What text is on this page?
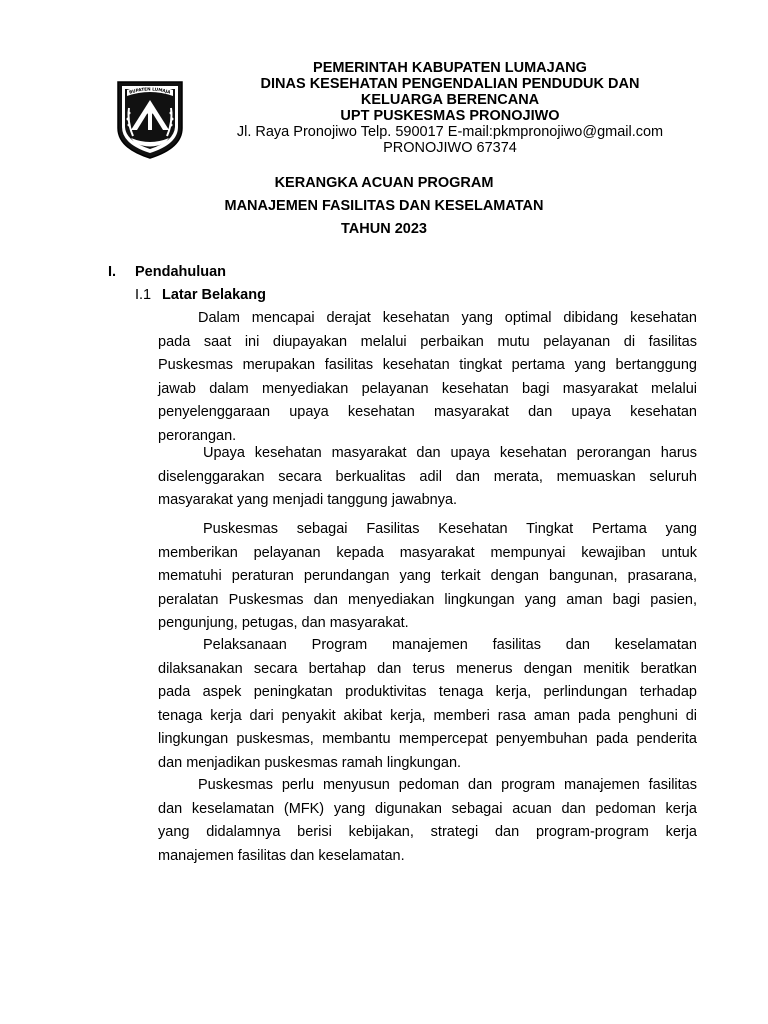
BUPATEN LUMAJA
PEMERINTAH KABUPATEN LUMAJANG
DINAS KESEHATAN PENGENDALIAN PENDUDUK DAN
KELUARGA BERENCANA
UPT PUSKESMAS PRONOJIWO
Jl. Raya Pronojiwo Telp. 590017 E-mail:pkmpronojiwo@gmail.com
PRONOJIWO 67374
KERANGKA ACUAN PROGRAM
MANAJEMEN FASILITAS DAN KESELAMATAN
TAHUN 2023
I. Pendahuluan
I.1 Latar Belakang
Dalam mencapai derajat kesehatan yang optimal dibidang kesehatan
pada saat ini diupayakan melalui perbaikan mutu pelayanan di fasilitas
Puskesmas merupakan fasilitas kesehatan tingkat pertama yang bertanggung
jawab dalam menyediakan pelayanan kesehatan bagi masyarakat melalui
penyelenggaraan upaya kesehatan masyarakat dan upaya kesehatan
perorangan.
Upaya kesehatan masyarakat dan upaya kesehatan perorangan harus
diselenggarakan secara berkualitas adil dan merata, memuaskan seluruh
masyarakat yang menjadi tanggung jawabnya.
Puskesmas sebagai Fasilitas Kesehatan Tingkat Pertama yang
memberikan pelayanan kepada masyarakat mempunyai kewajiban untuk
mematuhi peraturan perundangan yang terkait dengan bangunan, prasarana,
peralatan Puskesmas dan menyediakan lingkungan yang aman bagi pasien,
pengunjung, petugas, dan masyarakat.
Pelaksanaan Program manajemen fasilitas dan keselamatan
dilaksanakan secara bertahap dan terus menerus dengan menitik beratkan
pada aspek peningkatan produktivitas tenaga kerja, perlindungan terhadap
tenaga kerja dari penyakit akibat kerja, memberi rasa aman pada penghuni di
lingkungan puskesmas, membantu mempercepat penyembuhan pada penderita
dan menjadikan puskesmas ramah lingkungan.
Puskesmas perlu menyusun pedoman dan program manajemen fasilitas
dan keselamatan (MFK) yang digunakan sebagai acuan dan pedoman kerja
yang didalamnya berisi kebijakan, strategi dan program-program kerja
manajemen fasilitas dan keselamatan.
